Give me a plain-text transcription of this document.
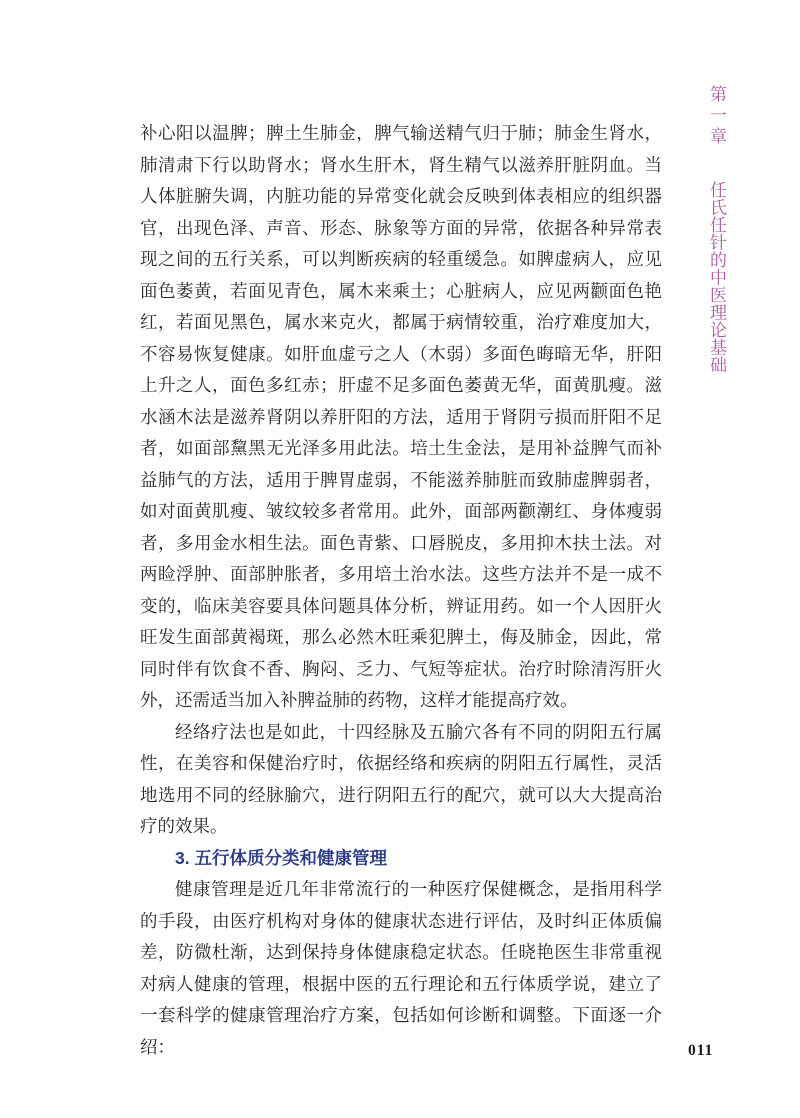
第一章 任氏任针的中医理论基础

补心阳以温脾；脾土生肺金，脾气输送精气归于肺；肺金生肾水，肺清肃下行以助肾水；肾水生肝木，肾生精气以滋养肝脏阴血。当人体脏腑失调，内脏功能的异常变化就会反映到体表相应的组织器官，出现色泽、声音、形态、脉象等方面的异常，依据各种异常表现之间的五行关系，可以判断疾病的轻重缓急。如脾虚病人，应见面色萎黄，若面见青色，属木来乘土；心脏病人，应见两颧面色艳红，若面见黑色，属水来克火，都属于病情较重，治疗难度加大，不容易恢复健康。如肝血虚亏之人（木弱）多面色晦暗无华，肝阳上升之人，面色多红赤；肝虚不足多面色萎黄无华，面黄肌瘦。滋水涵木法是滋养肾阴以养肝阳的方法，适用于肾阴亏损而肝阳不足者，如面部黧黑无光泽多用此法。培土生金法，是用补益脾气而补益肺气的方法，适用于脾胃虚弱，不能滋养肺脏而致肺虚脾弱者，如对面黄肌瘦、皱纹较多者常用。此外，面部两颧潮红、身体瘦弱者，多用金水相生法。面色青紫、口唇脱皮，多用抑木扶土法。对两睑浮肿、面部肿胀者，多用培土治水法。这些方法并不是一成不变的，临床美容要具体问题具体分析，辨证用药。如一个人因肝火旺发生面部黄褐斑，那么必然木旺乘犯脾土，侮及肺金，因此，常同时伴有饮食不香、胸闷、乏力、气短等症状。治疗时除清泻肝火外，还需适当加入补脾益肺的药物，这样才能提高疗效。

经络疗法也是如此，十四经脉及五腧穴各有不同的阴阳五行属性，在美容和保健治疗时，依据经络和疾病的阴阳五行属性，灵活地选用不同的经脉腧穴，进行阴阳五行的配穴，就可以大大提高治疗的效果。

3. 五行体质分类和健康管理

健康管理是近几年非常流行的一种医疗保健概念，是指用科学的手段，由医疗机构对身体的健康状态进行评估，及时纠正体质偏差，防微杜渐，达到保持身体健康稳定状态。任晓艳医生非常重视对病人健康的管理，根据中医的五行理论和五行体质学说，建立了一套科学的健康管理治疗方案，包括如何诊断和调整。下面逐一介绍：	011
